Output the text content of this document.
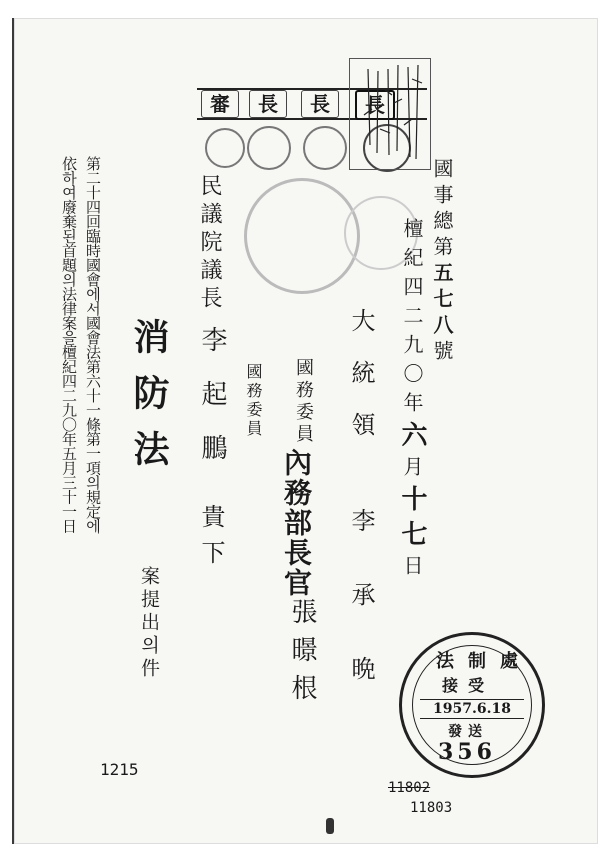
審	長	長	長
國事總第五七八號
檀紀四二九〇年六月十七日
大統領
李承晩
國務委員
內務部長官
張暻根
國務委員
民議院議長
李起鵬
貴下
消防法
案提出의件
第二十四回臨時國會에서國會法第六十一條第一項의規定에
依하여廢棄된首題의法律案을檀紀四二九〇年五月三十一日
法制處
接受
1957.6.18
發送
356
1215
11802
11803
